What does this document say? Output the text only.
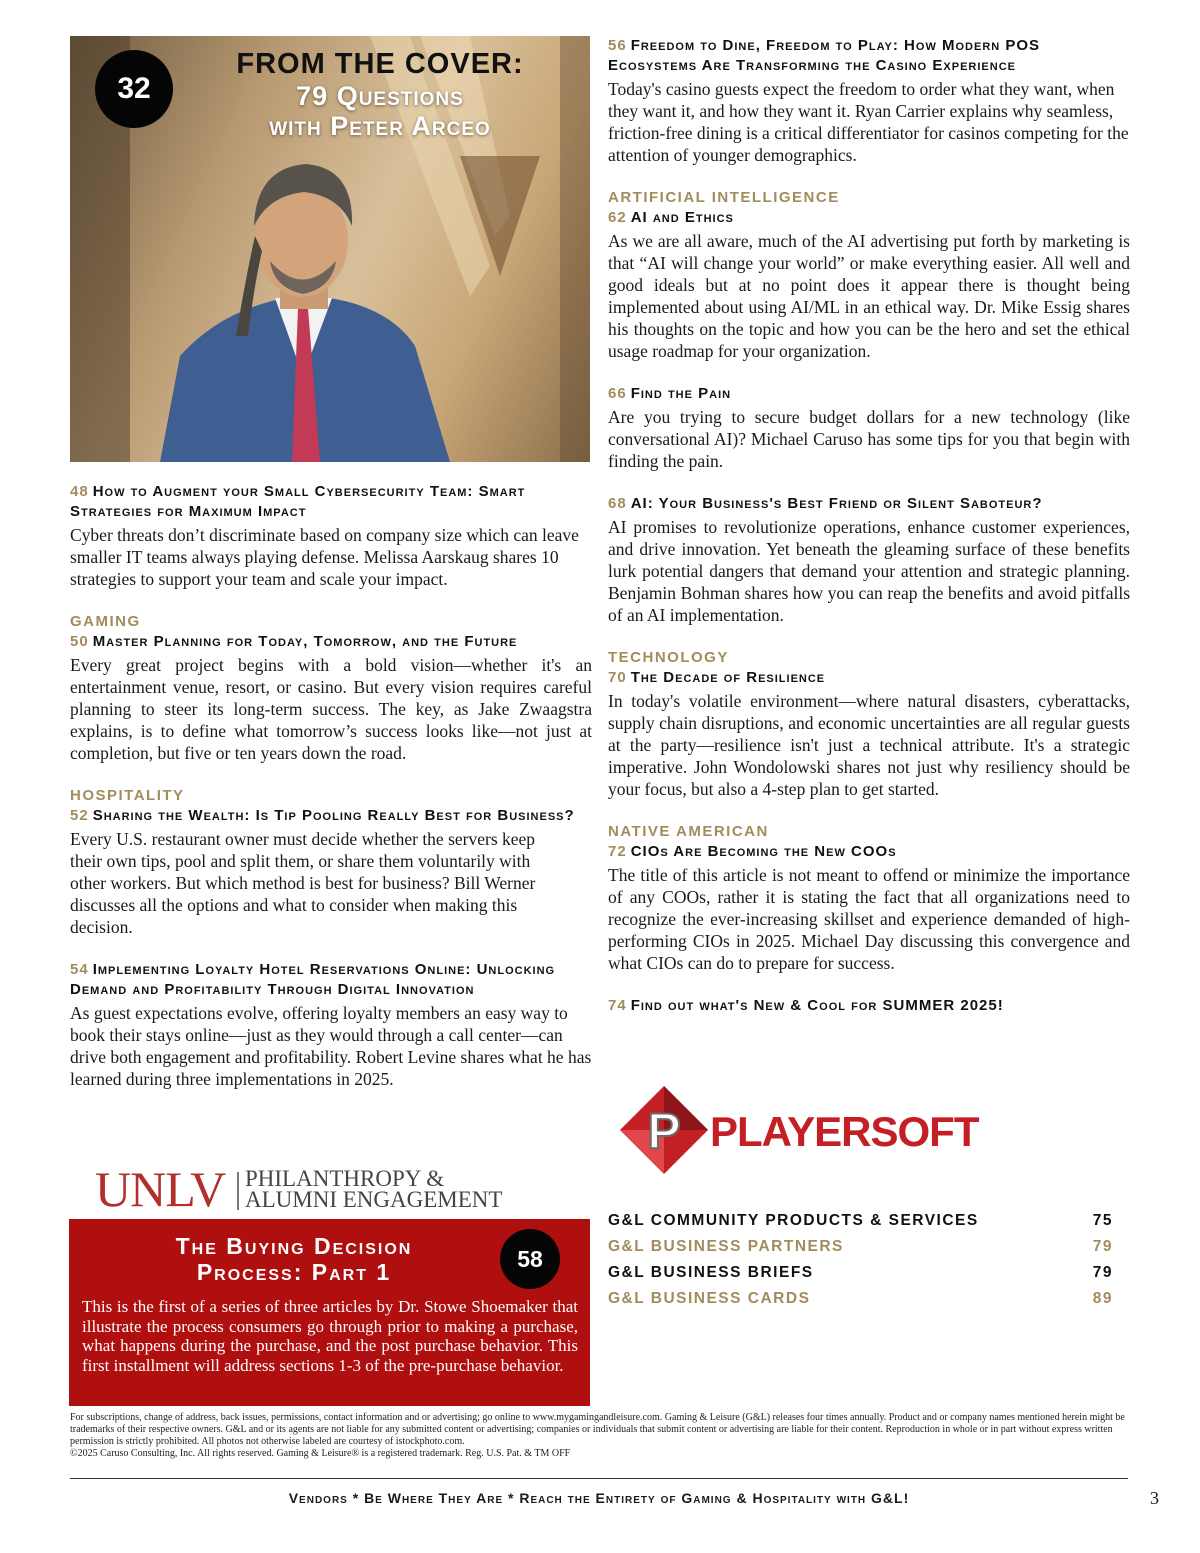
32
FROM THE COVER:
79 Questions
with Peter Arceo
48 How to Augment your Small Cybersecurity Team: Smart Strategies for Maximum Impact

Cyber threats don’t discriminate based on company size which can leave smaller IT teams always playing defense. Melissa Aarskaug shares 10 strategies to support your team and scale your impact.

GAMING
50 Master Planning for Today, Tomorrow, and the Future

Every great project begins with a bold vision—whether it's an entertainment venue, resort, or casino. But every vision requires careful planning to steer its long-term success. The key, as Jake Zwaagstra explains, is to define what tomorrow’s success looks like—not just at completion, but five or ten years down the road.

HOSPITALITY
52 Sharing the Wealth: Is Tip Pooling Really Best for Business?

Every U.S. restaurant owner must decide whether the servers keep their own tips, pool and split them, or share them voluntarily with other workers. But which method is best for business? Bill Werner discusses all the options and what to consider when making this decision.

54 Implementing Loyalty Hotel Reservations Online: Unlocking Demand and Profitability Through Digital Innovation

As guest expectations evolve, offering loyalty members an easy way to book their stays online—just as they would through a call center—can drive both engagement and profitability. Robert Levine shares what he has learned during three implementations in 2025.

UNLV PHILANTHROPY &
ALUMNI ENGAGEMENT
The Buying Decision
Process: Part 1
58
This is the first of a series of three articles by Dr. Stowe Shoemaker that illustrate the process consumers go through prior to making a purchase, what happens during the purchase, and the post purchase behavior. This first installment will address sections 1-3 of the pre-purchase behavior.
56 Freedom to Dine, Freedom to Play: How Modern POS Ecosystems Are Transforming the Casino Experience

Today's casino guests expect the freedom to order what they want, when they want it, and how they want it. Ryan Carrier explains why seamless, friction-free dining is a critical differentiator for casinos competing for the attention of younger demographics.

ARTIFICIAL INTELLIGENCE
62 AI and Ethics

As we are all aware, much of the AI advertising put forth by marketing is that “AI will change your world” or make everything easier. All well and good ideals but at no point does it appear there is thought being implemented about using AI/ML in an ethical way. Dr. Mike Essig shares his thoughts on the topic and how you can be the hero and set the ethical usage roadmap for your organization.

66 Find the Pain

Are you trying to secure budget dollars for a new technology (like conversational AI)? Michael Caruso has some tips for you that begin with finding the pain.

68 AI: Your Business's Best Friend or Silent Saboteur?

AI promises to revolutionize operations, enhance customer experiences, and drive innovation. Yet beneath the gleaming surface of these benefits lurk potential dangers that demand your attention and strategic planning. Benjamin Bohman shares how you can reap the benefits and avoid pitfalls of an AI implementation.

TECHNOLOGY
70 The Decade of Resilience

In today's volatile environment—where natural disasters, cyberattacks, supply chain disruptions, and economic uncertainties are all regular guests at the party—resilience isn't just a technical attribute. It's a strategic imperative. John Wondolowski shares not just why resiliency should be your focus, but also a 4-step plan to get started.

NATIVE AMERICAN
72 CIOs Are Becoming the New COOs

The title of this article is not meant to offend or minimize the importance of any COOs, rather it is stating the fact that all organizations need to recognize the ever-increasing skillset and experience demanded of high-performing CIOs in 2025. Michael Day discussing this convergence and what CIOs can do to prepare for success.

74 Find out what's New & Cool for SUMMER 2025!
P PLAYERSOFT
G&L COMMUNITY PRODUCTS & SERVICES	75
G&L BUSINESS PARTNERS	79
G&L BUSINESS BRIEFS	79
G&L BUSINESS CARDS	89
For subscriptions, change of address, back issues, permissions, contact information and or advertising; go online to www.mygamingandleisure.com. Gaming & Leisure (G&L) releases four times annually. Product and or company names mentioned herein might be trademarks of their respective owners. G&L and or its agents are not liable for any submitted content or advertising; companies or individuals that submit content or advertising are liable for their content. Reproduction in whole or in part without express written permission is strictly prohibited. All photos not otherwise labeled are courtesy of istockphoto.com.
©2025 Caruso Consulting, Inc. All rights reserved. Gaming & Leisure® is a registered trademark. Reg. U.S. Pat. & TM OFF
Vendors * Be Where They Are * Reach the Entirety of Gaming & Hospitality with G&L!	3
